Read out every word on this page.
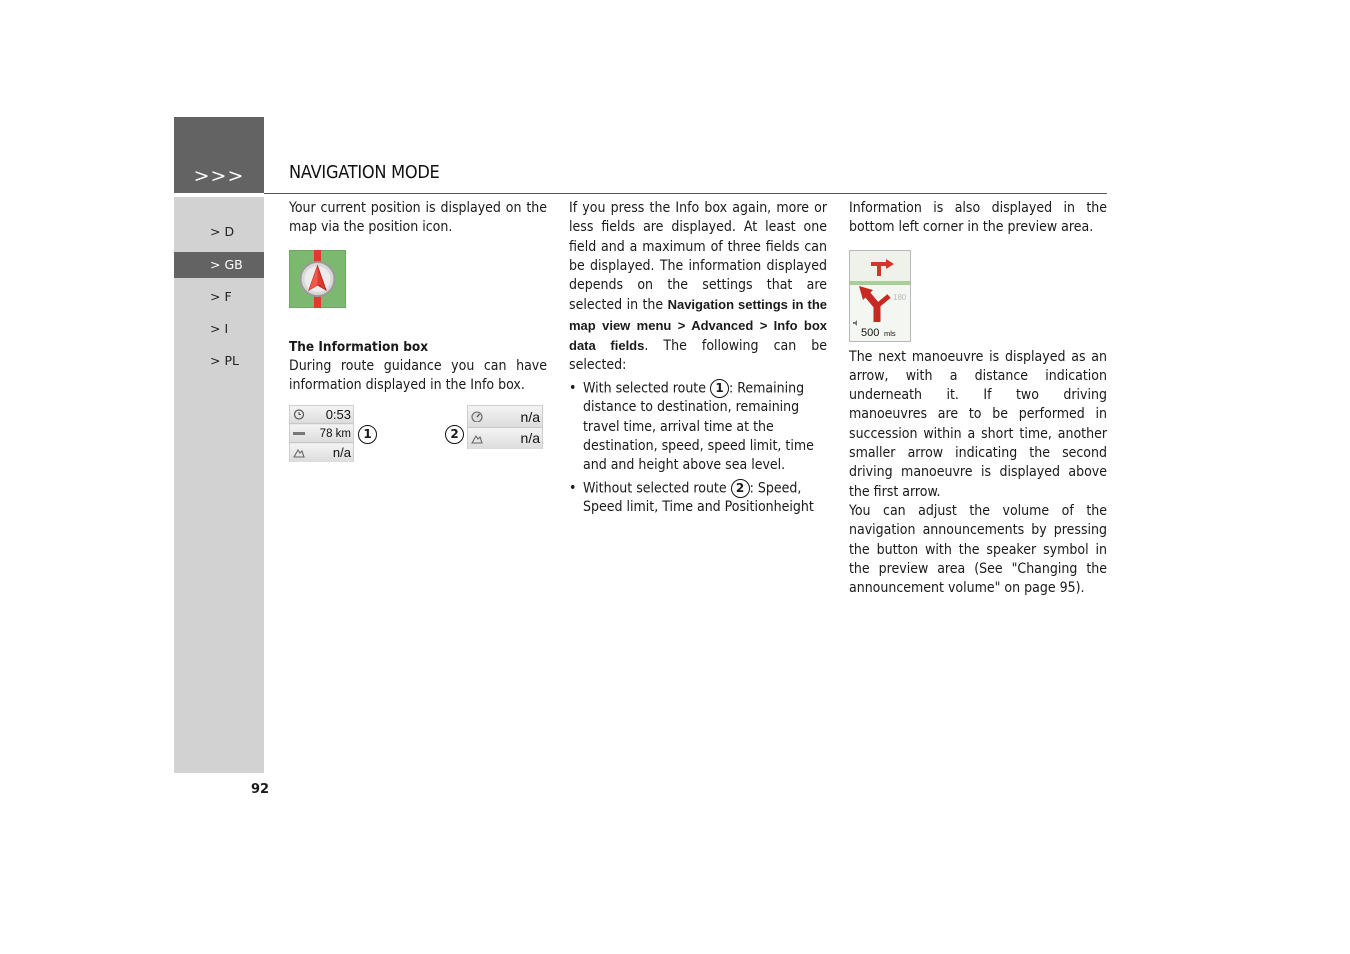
>>>	NAVIGATION MODE
> D
> GB
> F
> I
> PL

Your current position is displayed on the map via the position icon.

The Information box

During route guidance you can have information displayed in the Info box.

0:53
78 km
n/a
1	2
n/a
n/a

If you press the Info box again, more or less fields are displayed. At least one field and a maximum of three fields can be displayed. The information displayed depends on the settings that are selected in the Navigation settings in the map view menu > Advanced > Info box data fields. The following can be selected:

• With selected route 1 : Remaining distance to destination, remaining travel time, arrival time at the destination, speed, speed limit, time and and height above sea level.
• Without selected route 2 : Speed, Speed limit, Time and Positionheight

Information is also displayed in the bottom left corner in the preview area.

180
500 mls

The next manoeuvre is displayed as an arrow, with a distance indication underneath it. If two driving manoeuvres are to be performed in succession within a short time, another smaller arrow indicating the second driving manoeuvre is displayed above the first arrow.

You can adjust the volume of the navigation announcements by pressing the button with the speaker symbol in the preview area (See "Changing the announcement volume" on page 95).

92
